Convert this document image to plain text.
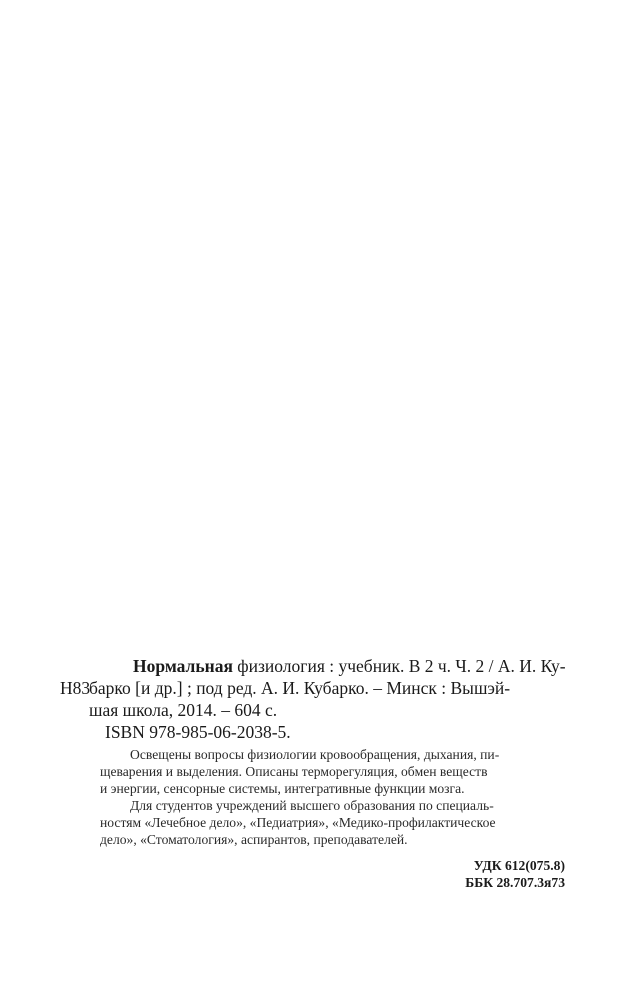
Н83
Нормальная физиология : учебник. В 2 ч. Ч. 2 / А. И. Ку-
барко [и др.] ; под ред. А. И. Кубарко. – Минск : Вышэй-
шая школа, 2014. – 604 с.
ISBN 978-985-06-2038-5.
Освещены вопросы физиологии кровообращения, дыхания, пи-
щеварения и выделения. Описаны терморегуляция, обмен веществ
и энергии, сенсорные системы, интегративные функции мозга.
Для студентов учреждений высшего образования по специаль-
ностям «Лечебное дело», «Педиатрия», «Медико-профилактическое
дело», «Стоматология», аспирантов, преподавателей.
УДК 612(075.8)
ББК 28.707.3я73
